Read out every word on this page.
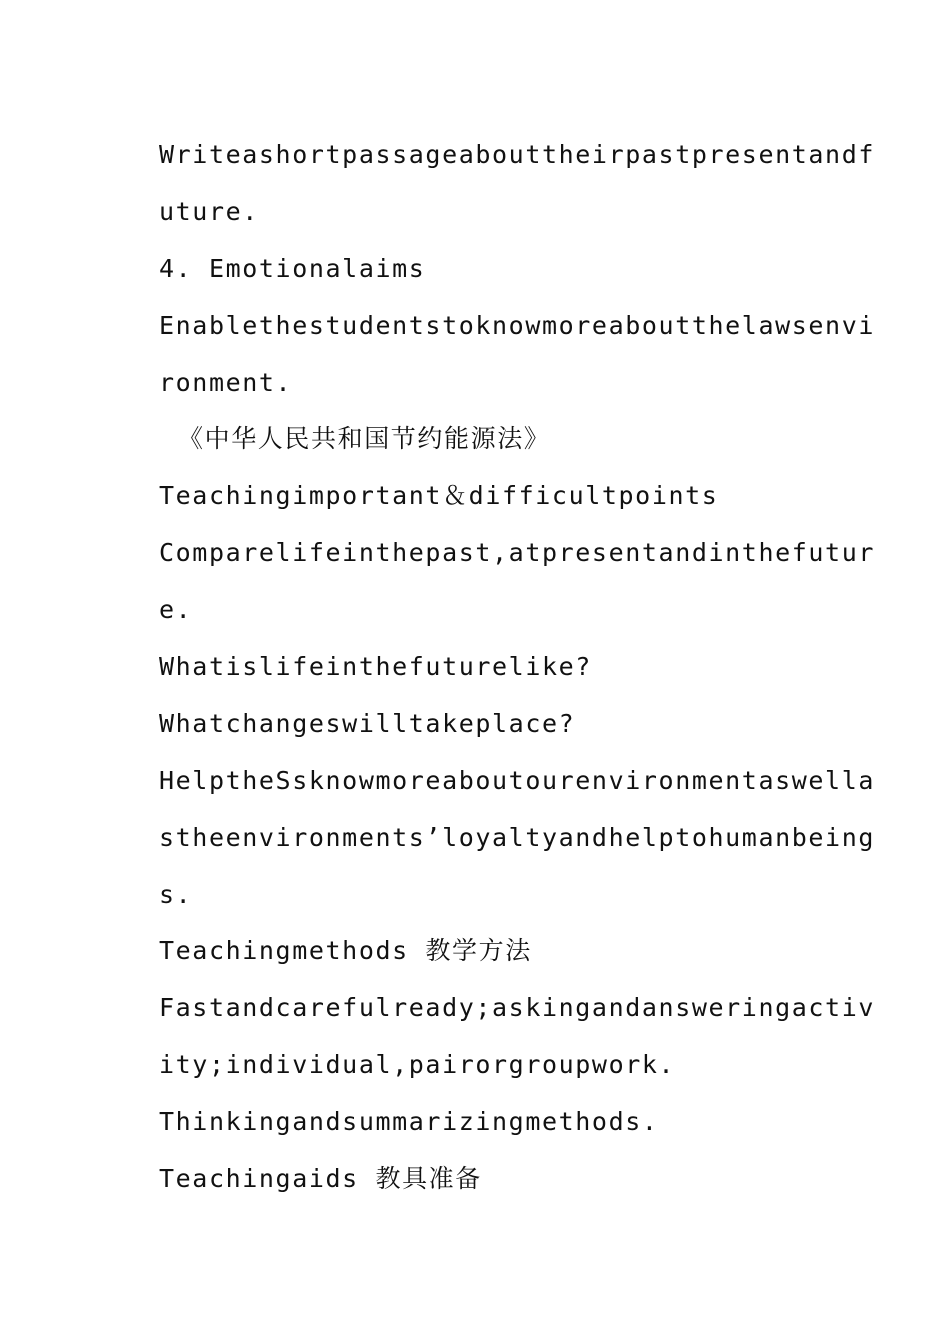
Writeashortpassageabouttheirpastpresentandf
uture.
4. Emotionalaims
Enablethestudentstoknowmoreaboutthelawsenvi
ronment.
《中华人民共和国节约能源法》
Teachingimportant＆difficultpoints
Comparelifeinthepast,atpresentandinthefutur
e.
Whatislifeinthefuturelike?
Whatchangeswilltakeplace?
HelptheSsknowmoreaboutourenvironmentaswella
stheenvironments’loyaltyandhelptohumanbeing
s.
Teachingmethods 教学方法
Fastandcarefulready;askingandansweringactiv
ity;individual,pairorgroupwork.
Thinkingandsummarizingmethods.
Teachingaids 教具准备
